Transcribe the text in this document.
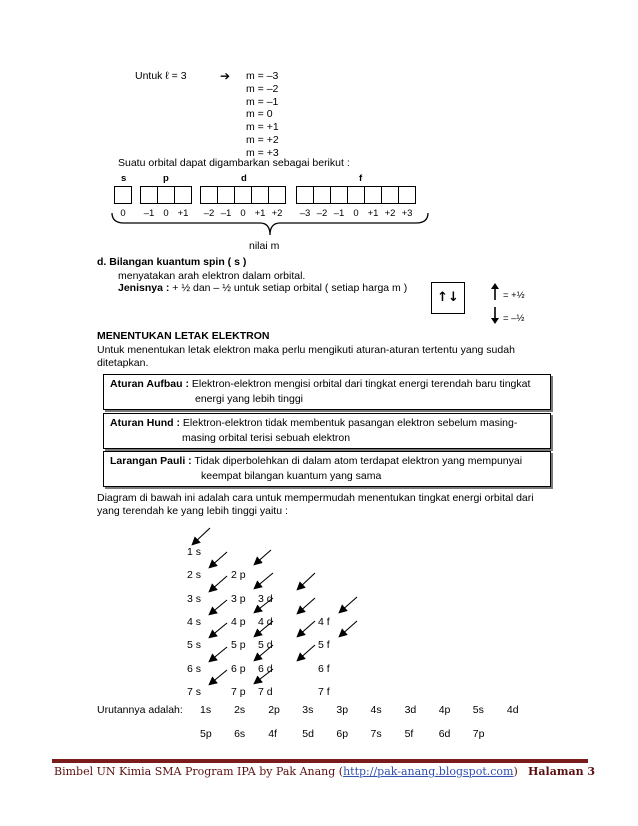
Untuk ℓ = 3	➔ m = –3
m = –2
m = –1
m = 0
m = +1
m = +2
m = +3
Suatu orbital dapat digambarkan sebagai berikut :
s	p	d	f
0	–1 0 +1	–2 –1 0 +1 +2	–3 –2 –1 0 +1 +2 +3
nilai m
d. Bilangan kuantum spin ( s )
menyatakan arah elektron dalam orbital.
Jenisnya : + ½ dan – ½ untuk setiap orbital ( setiap harga m )
↑↓	= +½
= –½
MENENTUKAN LETAK ELEKTRON
Untuk menentukan letak elektron maka perlu mengikuti aturan-aturan tertentu yang sudah
ditetapkan.
Aturan Aufbau : Elektron-elektron mengisi orbital dari tingkat energi terendah baru tingkat
energi yang lebih tinggi
Aturan Hund : Elektron-elektron tidak membentuk pasangan elektron sebelum masing-
masing orbital terisi sebuah elektron
Larangan Pauli : Tidak diperbolehkan di dalam atom terdapat elektron yang mempunyai
keempat bilangan kuantum yang sama
Diagram di bawah ini adalah cara untuk mempermudah menentukan tingkat energi orbital dari
yang terendah ke yang lebih tinggi yaitu :
1 s
2 s	2 p
3 s	3 p 3 d
4 s	4 p 4 d	4 f
5 s	5 p 5 d	5 f
6 s	6 p 6 d	6 f
7 s	7 p 7 d	7 f
Urutannya adalah: 1s 2s 2p 3s 3p 4s 3d 4p 5s 4d
5p 6s 4f 5d 6p 7s 5f 6d 7p
Bimbel UN Kimia SMA Program IPA by Pak Anang (http://pak-anang.blogspot.com) Halaman 3
